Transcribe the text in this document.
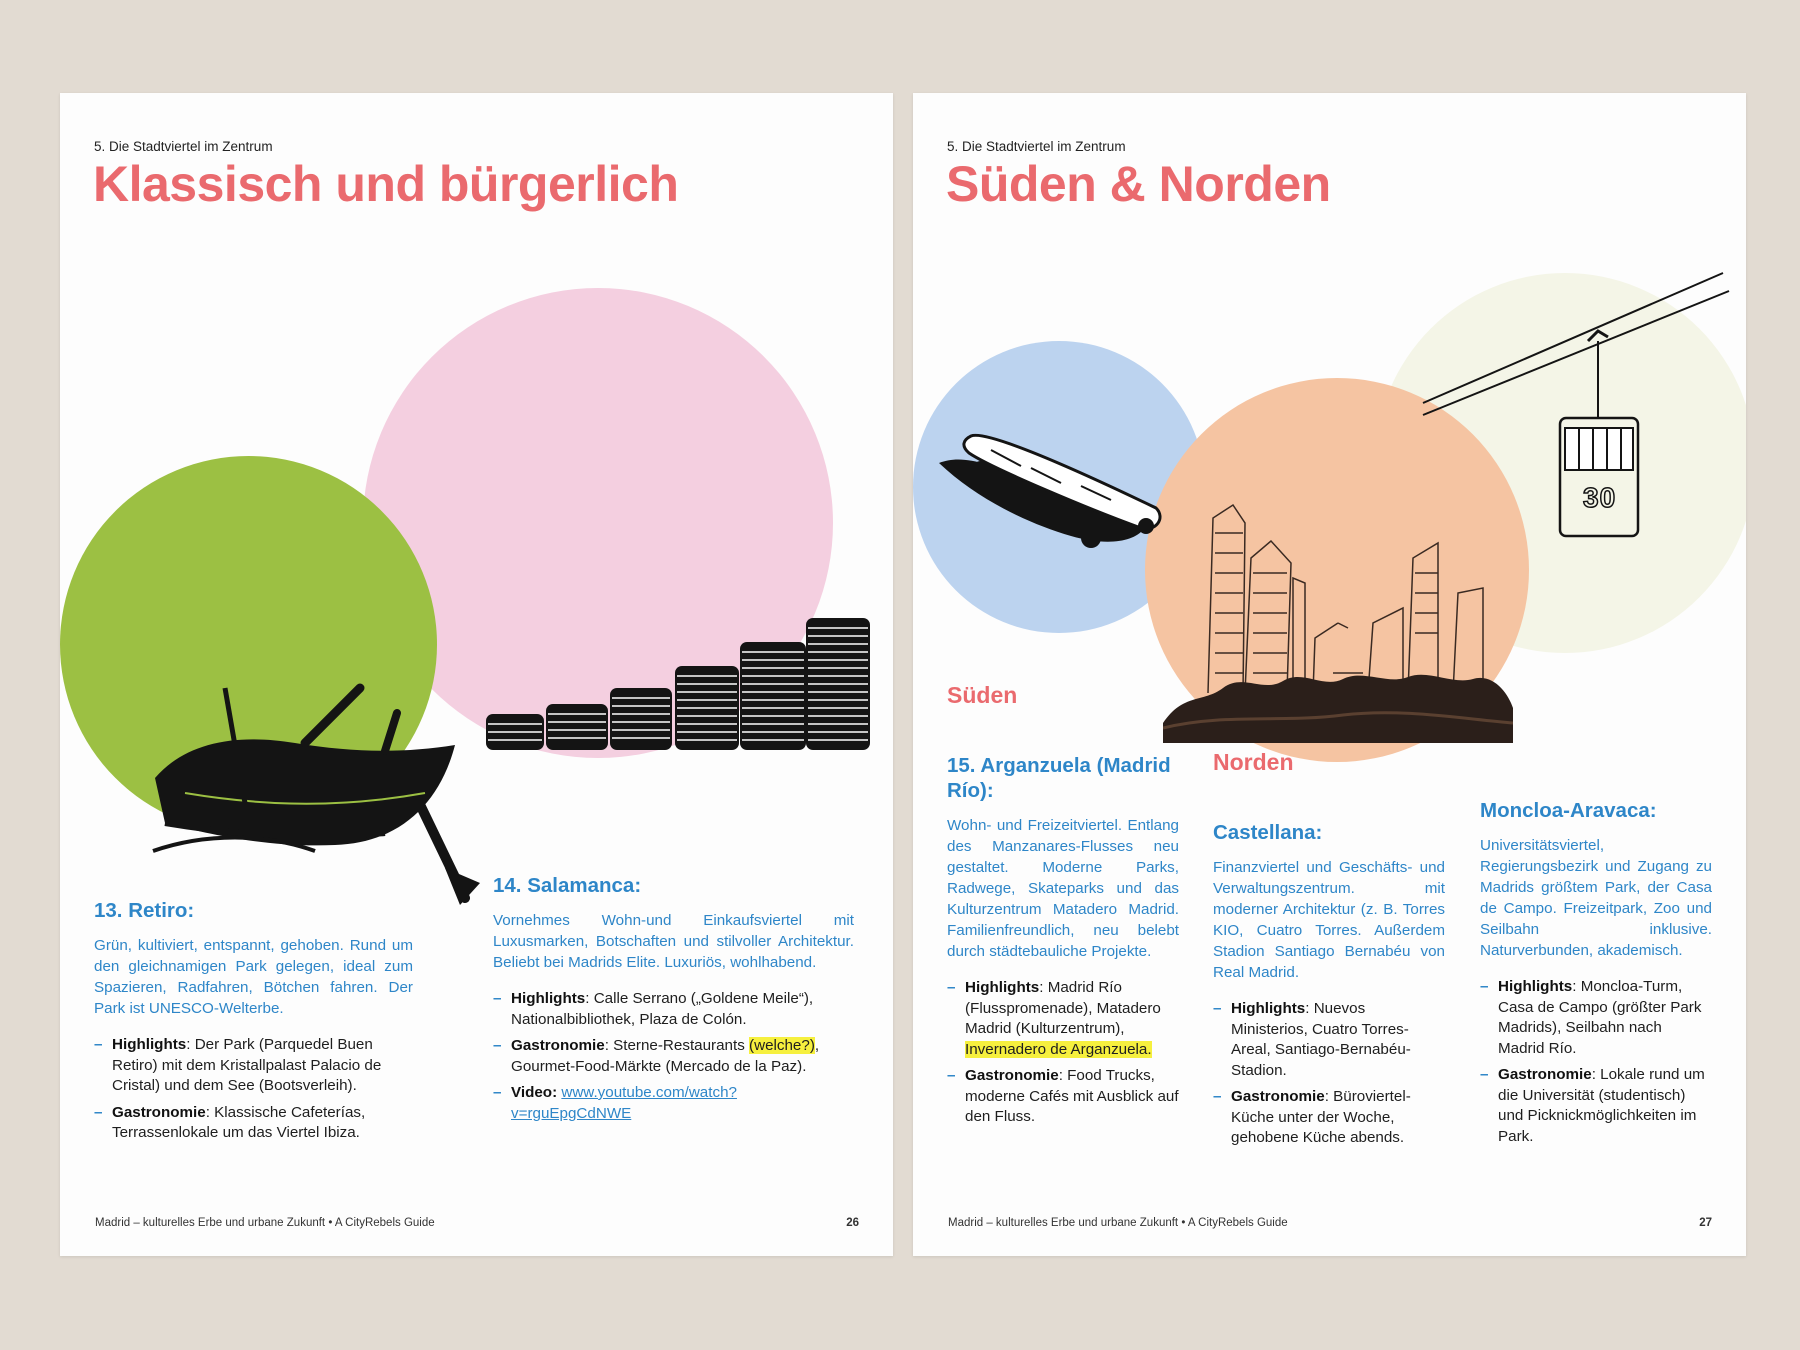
5. Die Stadtviertel im Zentrum
Klassisch und bürgerlich
13. Retiro:

Grün, kultiviert, entspannt, gehoben. Rund um den gleichnamigen Park gelegen, ideal zum Spazieren, Radfahren, Bötchen fahren. Der Park ist UNESCO-Welterbe.

– Highlights: Der Park (Parquedel Buen Retiro) mit dem Kristallpalast Palacio de Cristal) und dem See (Bootsverleih).
– Gastronomie: Klassische Cafeterías, Terrassenlokale um das Viertel Ibiza.
14. Salamanca:

Vornehmes Wohn-und Einkaufsviertel mit Luxusmarken, Botschaften und stilvoller Architektur. Beliebt bei Madrids Elite. Luxuriös, wohlhabend.

– Highlights: Calle Serrano („Goldene Meile“), Nationalbibliothek, Plaza de Colón.
– Gastronomie: Sterne-Restaurants (welche?), Gourmet-Food-Märkte (Mercado de la Paz).
– Video: www.youtube.com/watch?v=rguEpgCdNWE
Madrid – kulturelles Erbe und urbane Zukunft • A CityRebels Guide	26
5. Die Stadtviertel im Zentrum
Süden & Norden
30
Süden
Norden
15. Arganzuela (Madrid Río):

Wohn- und Freizeitviertel. Entlang des Manzanares-Flusses neu gestaltet. Moderne Parks, Radwege, Skateparks und das Kulturzentrum Matadero Madrid. Familienfreundlich, neu belebt durch städtebauliche Projekte.

– Highlights: Madrid Río (Flusspromenade), Matadero Madrid (Kulturzentrum), Invernadero de Arganzuela.
– Gastronomie: Food Trucks, moderne Cafés mit Ausblick auf den Fluss.
Castellana:

Finanzviertel und Geschäfts- und Verwaltungszentrum. mit moderner Architektur (z. B. Torres KIO, Cuatro Torres. Außerdem Stadion Santiago Bernabéu von Real Madrid.

– Highlights: Nuevos Ministerios, Cuatro Torres-Areal, Santiago-Bernabéu-Stadion.
– Gastronomie: Büroviertel-Küche unter der Woche, gehobene Küche abends.
Moncloa-Aravaca:

Universitätsviertel, Regierungsbezirk und Zugang zu Madrids größtem Park, der Casa de Campo. Freizeitpark, Zoo und Seilbahn inklusive. Naturverbunden, akademisch.

– Highlights: Moncloa-Turm, Casa de Campo (größter Park Madrids), Seilbahn nach Madrid Río.
– Gastronomie: Lokale rund um die Universität (studentisch) und Picknickmöglichkeiten im Park.
Madrid – kulturelles Erbe und urbane Zukunft • A CityRebels Guide	27
